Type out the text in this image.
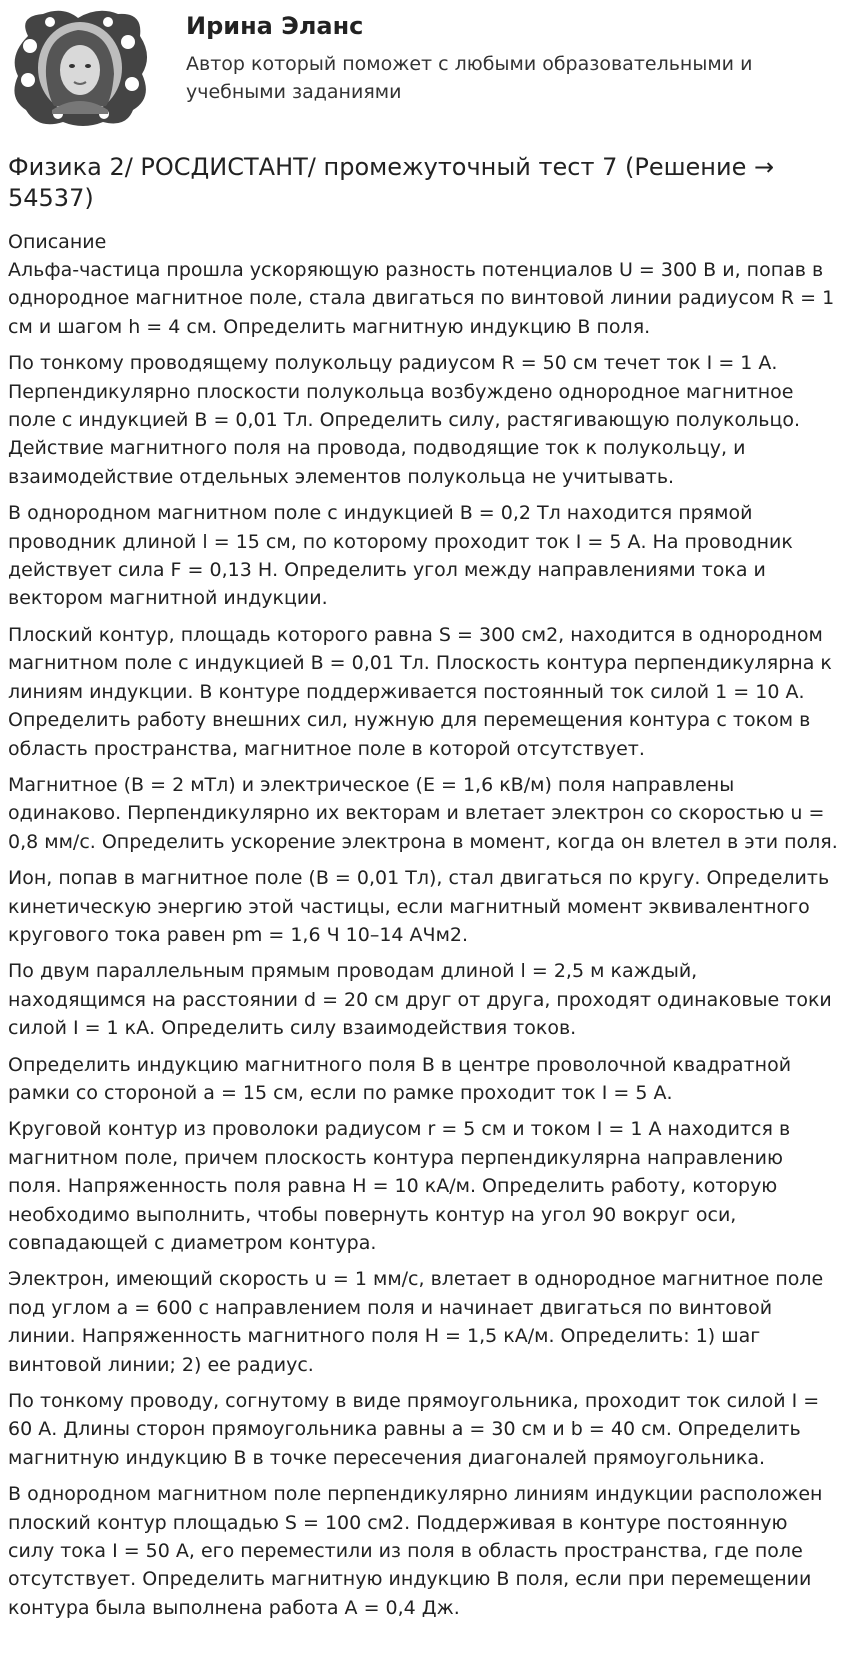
Ирина Эланс

Автор который поможет с любыми образовательными и учебными заданиями

Физика 2/ РОСДИСТАНТ/ промежуточный тест 7 (Решение → 54537)
Описание

Альфа-частица прошла ускоряющую разность потенциалов U = 300 В и, попав в однородное магнитное поле, стала двигаться по винтовой линии радиусом R = 1 см и шагом h = 4 см. Определить магнитную индукцию В поля.

По тонкому проводящему полукольцу радиусом R = 50 см течет ток I = 1 А. Перпендикулярно плоскости полукольца возбуждено однородное магнитное поле с индукцией В = 0,01 Тл. Определить силу, растягивающую полукольцо. Действие магнитного поля на провода, подводящие ток к полукольцу, и взаимодействие отдельных элементов полукольца не учитывать.

В однородном магнитном поле с индукцией В = 0,2 Тл находится прямой проводник длиной l = 15 см, по которому проходит ток I = 5 А. На проводник действует сила F = 0,13 Н. Определить угол между направлениями тока и вектором магнитной индукции.

Плоский контур, площадь которого равна S = 300 см2, находится в однородном магнитном поле с индукцией В = 0,01 Тл. Плоскость контура перпендикулярна к линиям индукции. В контуре поддерживается постоянный ток силой 1 = 10 А. Определить работу внешних сил, нужную для перемещения контура с током в область пространства, магнитное поле в которой отсутствует.

Магнитное (В = 2 мТл) и электрическое (Е = 1,6 кВ/м) поля направлены одинаково. Перпендикулярно их векторам и влетает электрон со скоростью u = 0,8 мм/с. Определить ускорение электрона в момент, когда он влетел в эти поля.

Ион, попав в магнитное поле (В = 0,01 Тл), стал двигаться по кругу. Определить кинетическую энергию этой частицы, если магнитный момент эквивалентного кругового тока равен pm = 1,6 Ч 10–14 АЧм2.

По двум параллельным прямым проводам длиной l = 2,5 м каждый, находящимся на расстоянии d = 20 см друг от друга, проходят одинаковые токи силой I = 1 кА. Определить силу взаимодействия токов.

Определить индукцию магнитного поля В в центре проволочной квадратной рамки со стороной а = 15 см, если по рамке проходит ток I = 5 А.

Круговой контур из проволоки радиусом r = 5 см и током I = 1 А находится в магнитном поле, причем плоскость контура перпендикулярна направлению поля. Напряженность поля равна Н = 10 кА/м. Определить работу, которую необходимо выполнить, чтобы повернуть контур на угол 90 вокруг оси, совпадающей с диаметром контура.

Электрон, имеющий скорость u = 1 мм/с, влетает в однородное магнитное поле под углом a = 600 с направлением поля и начинает двигаться по винтовой линии. Напряженность магнитного поля Н = 1,5 кА/м. Определить: 1) шаг винтовой линии; 2) ее радиус.

По тонкому проводу, согнутому в виде прямоугольника, проходит ток силой I = 60 А. Длины сторон прямоугольника равны а = 30 см и b = 40 см. Определить магнитную индукцию В в точке пересечения диагоналей прямоугольника.

В однородном магнитном поле перпендикулярно линиям индукции расположен плоский контур площадью S = 100 см2. Поддерживая в контуре постоянную силу тока I = 50 А, его переместили из поля в область пространства, где поле отсутствует. Определить магнитную индукцию В поля, если при перемещении контура была выполнена работа А = 0,4 Дж.
